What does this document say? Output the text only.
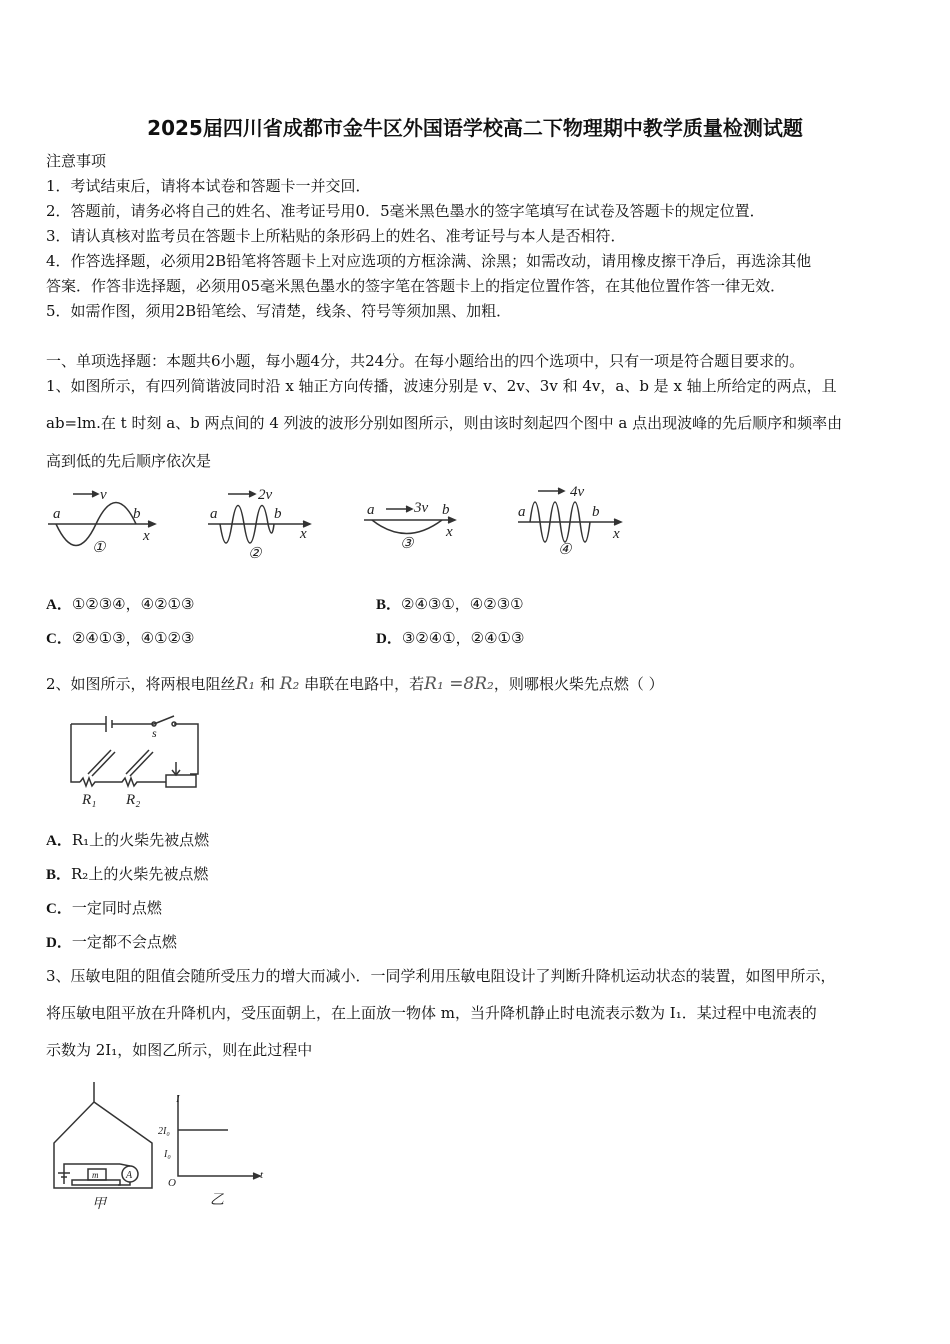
2025届四川省成都市金牛区外国语学校高二下物理期中教学质量检测试题
注意事项
1．考试结束后，请将本试卷和答题卡一并交回．
2．答题前，请务必将自己的姓名、准考证号用0．5毫米黑色墨水的签字笔填写在试卷及答题卡的规定位置．
3．请认真核对监考员在答题卡上所粘贴的条形码上的姓名、准考证号与本人是否相符．
4．作答选择题，必须用2B铅笔将答题卡上对应选项的方框涂满、涂黑；如需改动，请用橡皮擦干净后，再选涂其他
答案．作答非选择题，必须用05毫米黑色墨水的签字笔在答题卡上的指定位置作答，在其他位置作答一律无效．
5．如需作图，须用2B铅笔绘、写清楚，线条、符号等须加黑、加粗．
一、单项选择题：本题共6小题，每小题4分，共24分。在每小题给出的四个选项中，只有一项是符合题目要求的。
1、如图所示，有四列简谐波同时沿 x 轴正方向传播，波速分别是 v、2v、3v 和 4v，a、b 是 x 轴上所给定的两点，且
ab=lm.在 t 时刻 a、b 两点间的 4 列波的波形分别如图所示，则由该时刻起四个图中 a 点出现波峰的先后顺序和频率由
高到低的先后顺序依次是
v
a	b
x
①
2v
a	b
x
②
3v
a	b
x
③
4v
a	b
x
④
A．①②③④，④②①③	B．②④③①，④②③①
C．②④①③，④①②③	D．③②④①，②④①③
2、如图所示，将两根电阻丝R₁ 和 R₂ 串联在电路中，若R₁ =8R₂，则哪根火柴先点燃（ ）
s
R₁ R₂
A．R₁上的火柴先被点燃
B．R₂上的火柴先被点燃
C．一定同时点燃
D．一定都不会点燃
3、压敏电阻的阻值会随所受压力的增大而减小．一同学利用压敏电阻设计了判断升降机运动状态的装置，如图甲所示，
将压敏电阻平放在升降机内，受压面朝上，在上面放一物体 m，当升降机静止时电流表示数为 I₁．某过程中电流表的
示数为 2I₁，如图乙所示，则在此过程中
m	A
甲
I
2I₀
I₀
O
t
乙
